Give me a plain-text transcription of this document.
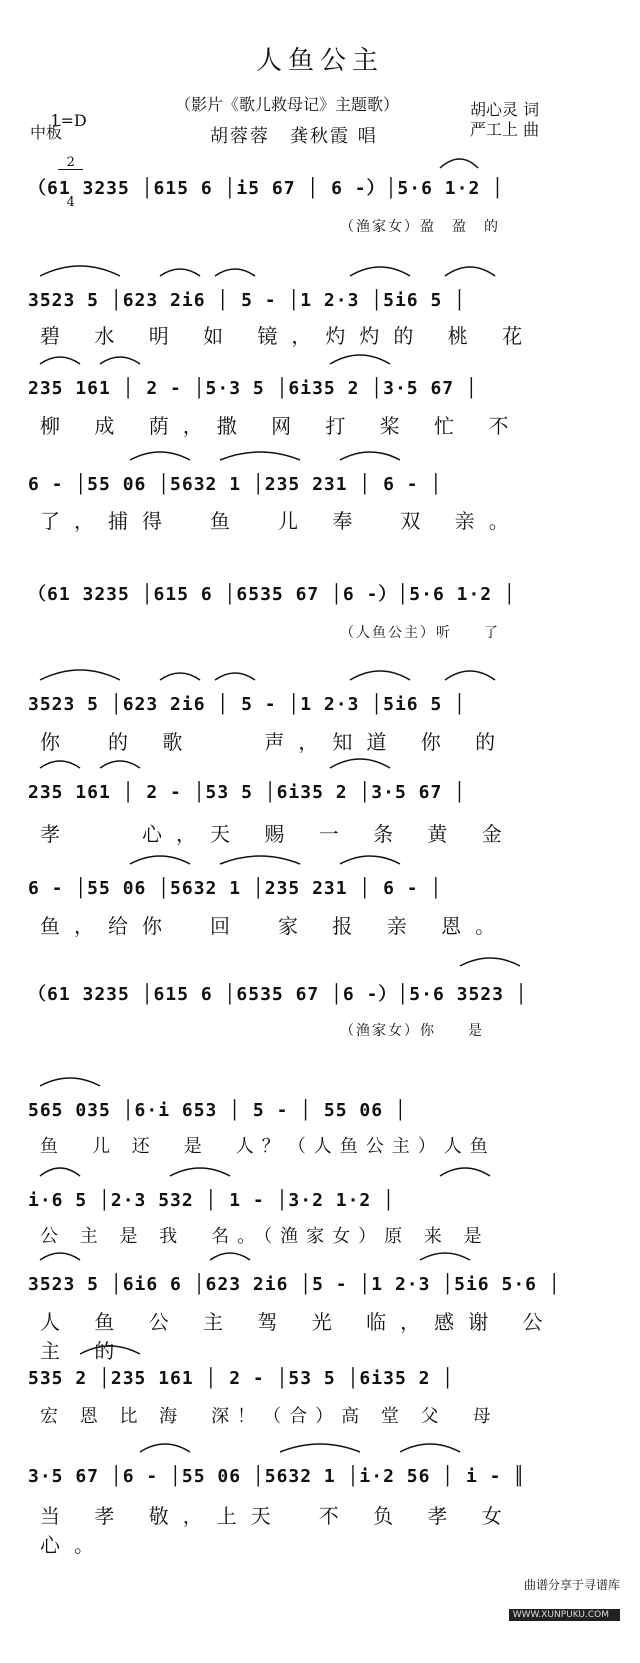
人鱼公主

1=D

$\frac{2}{4}$

中板
（影片《歌儿救母记》主题歌）
胡蓉蓉　龚秋霞 唱
胡心灵 词
严工上 曲
（61 3235 │615 6 │i5 67 │ 6 -）│5·6 1·2 │
（渔家女）盈　盈　的
3523 5 │623 2i6 │ 5 - │1 2·3 │5i6 5 │
碧 水 明 如 镜，灼灼的 桃 花
235 161 │ 2 - │5·3 5 │6i35 2 │3·5 67 │
柳 成 荫，撒 网 打 桨 忙 不
6 - │55 06 │5632 1 │235 231 │ 6 - │
了，捕得　鱼　儿 奉　双 亲。
（61 3235 │615 6 │6535 67 │6 -）│5·6 1·2 │
（人鱼公主）听　　了
3523 5 │623 2i6 │ 5 - │1 2·3 │5i6 5 │
你　的 歌　　声，知道 你 的
235 161 │ 2 - │53 5 │6i35 2 │3·5 67 │
孝　　心，天 赐 一 条 黄 金
6 - │55 06 │5632 1 │235 231 │ 6 - │
鱼，给你　回　家 报 亲 恩。
（61 3235 │615 6 │6535 67 │6 -）│5·6 3523 │
（渔家女）你　　是
565 035 │6·i 653 │ 5 - │ 55 06 │
鱼　儿 还　是　人？（人鱼公主）人鱼
i·6 5 │2·3 532 │ 1 - │3·2 1·2 │
公 主 是 我　名。（渔家女）原 来 是
3523 5 │6i6 6 │623 2i6 │5 - │1 2·3 │5i6 5·6 │
人 鱼 公 主 驾 光 临，感谢 公 主 的
535 2 │235 161 │ 2 - │53 5 │6i35 2 │
宏 恩 比 海　深！（合）高 堂 父　母
3·5 67 │6 - │55 06 │5632 1 │i·2 56 │ i - ║
当 孝 敬，上天　不 负 孝 女 心。

曲谱分享于寻谱库

WWW.XUNPUKU.COM
